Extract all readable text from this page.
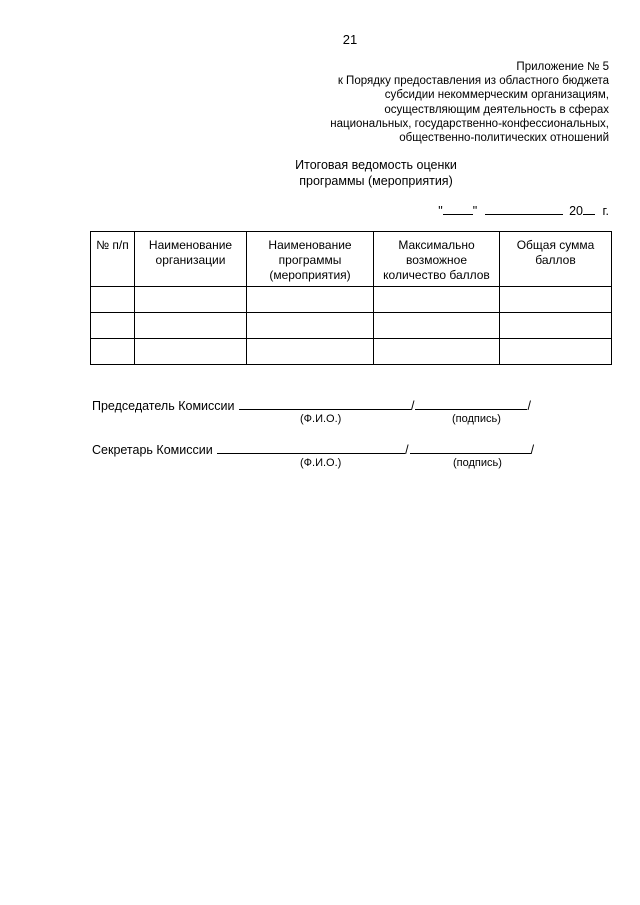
21
Приложение № 5
к Порядку предоставления из областного бюджета
субсидии некоммерческим организациям,
осуществляющим деятельность в сферах
национальных, государственно-конфессиональных,
общественно-политических отношений
Итоговая ведомость оценки
программы (мероприятия)
" "	20 г.
№ п/п	Наименование организации	Наименование программы (мероприятия)	Максимально возможное количество баллов	Общая сумма баллов

Председатель Комиссии	/	/
(Ф.И.О.)	(подпись)
Секретарь Комиссии	/	/
(Ф.И.О.)	(подпись)
